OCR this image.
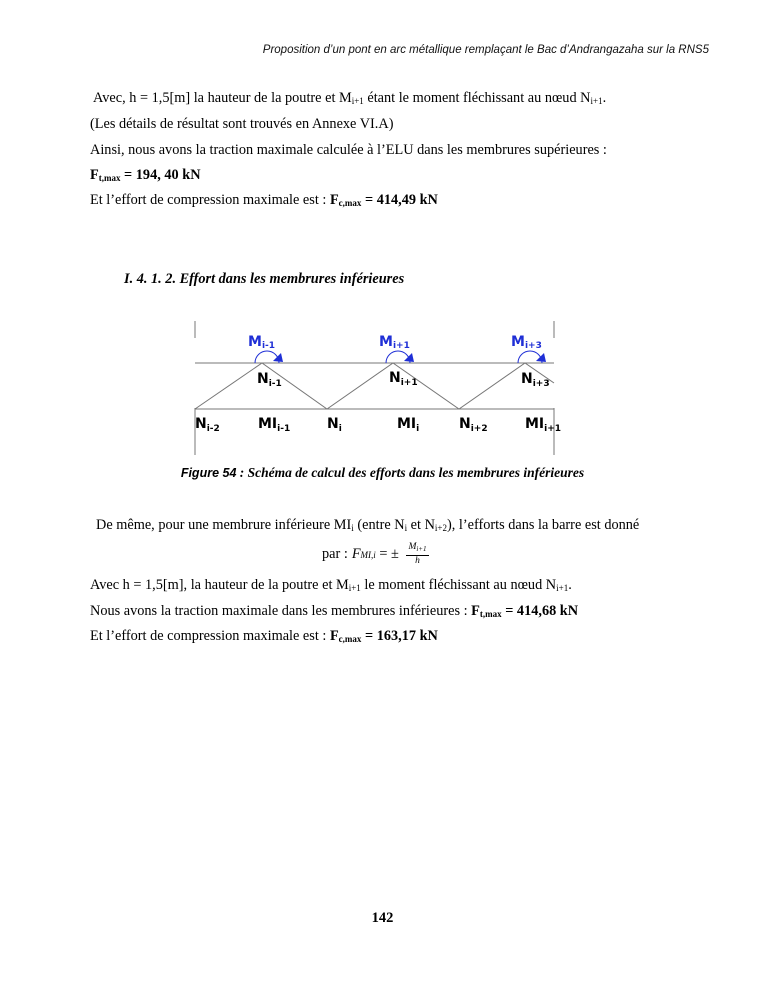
Proposition d’un pont en arc métallique remplaçant le Bac d’Andrangazaha sur la RNS5
Avec, h = 1,5[m] la hauteur de la poutre et $M_{i+1}$ étant le moment fléchissant au nœud $N_{i+1}$.
(Les détails de résultat sont trouvés en Annexe VI.A)
Ainsi, nous avons la traction maximale calculée à l’ELU dans les membrures supérieures :
$F_{t,max} = 194$, 40 kN
Et l’effort de compression maximale est : $F_{c,max} = 414,49$ kN
I. 4. 1. 2. Effort dans les membrures inférieures
Mi-1	Mi+1	Mi+3
$N_{i-1}$	$N_{i+1}$	$N_{i+3}$
$N_{i-2}$	$MI_{i-1}$	$N_i$	$MI_i$	$N_{i+2}$	$MI_{i+1}$
Figure 54 : Schéma de calcul des efforts dans les membrures inférieures
De même, pour une membrure inférieure $MI_i$ (entre $N_i$ et $N_{i+2}$), l’efforts dans la barre est donné
par : F MI,i = ± $\frac{M_{i+1}}{h}$
Avec h = 1,5[m], la hauteur de la poutre et $M_{i+1}$ le moment fléchissant au nœud $N_{i+1}$.
Nous avons la traction maximale dans les membrures inférieures : $F_{t,max} = 414,68$ kN
Et l’effort de compression maximale est : $F_{c,max} = 163,17$ kN
142
